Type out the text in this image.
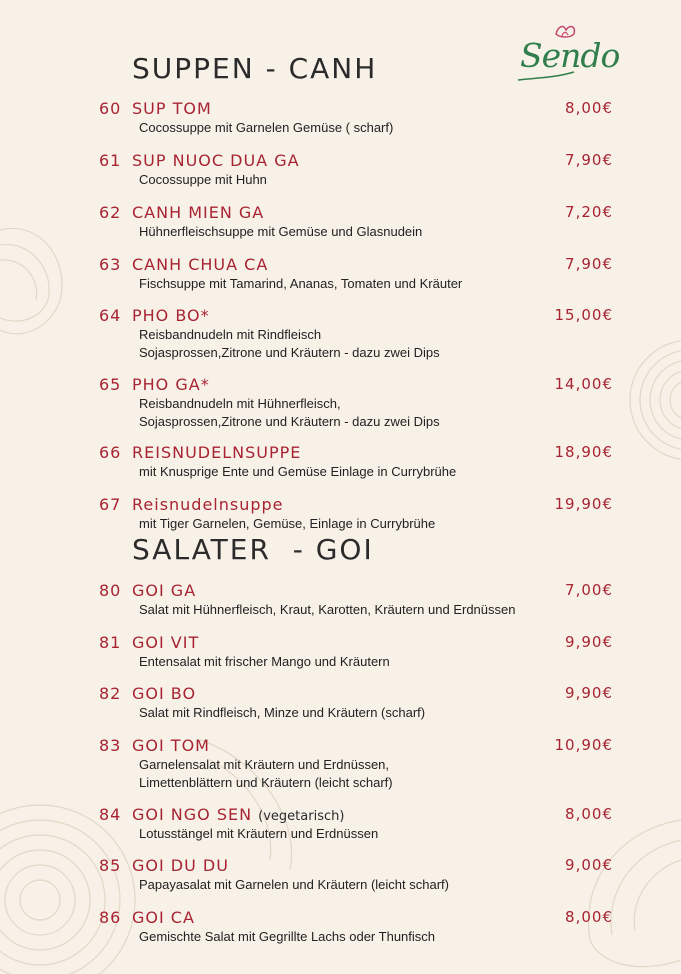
Sendo
SUPPEN - CANH
60 SUP TOM	8,00€
Cocossuppe mit Garnelen Gemüse ( scharf)
61 SUP NUOC DUA GA	7,90€
Cocossuppe mit Huhn
62 CANH MIEN GA	7,20€
Hühnerfleischsuppe mit Gemüse und Glasnudein
63 CANH CHUA CA	7,90€
Fischsuppe mit Tamarind, Ananas, Tomaten und Kräuter
64 PHO BO*	15,00€
Reisbandnudeln mit Rindfleisch
Sojasprossen,Zitrone und Kräutern - dazu zwei Dips
65 PHO GA*	14,00€
Reisbandnudeln mit Hühnerfleisch,
Sojasprossen,Zitrone und Kräutern - dazu zwei Dips
66 REISNUDELNSUPPE	18,90€
mit Knusprige Ente und Gemüse Einlage in Currybrühe
67 Reisnudelnsuppe	19,90€
mit Tiger Garnelen, Gemüse, Einlage in Currybrühe
SALATER  - GOI
80 GOI GA	7,00€
Salat mit Hühnerfleisch, Kraut, Karotten, Kräutern und Erdnüssen
81 GOI VIT	9,90€
Entensalat mit frischer Mango und Kräutern
82 GOI BO	9,90€
Salat mit Rindfleisch, Minze und Kräutern (scharf)
83 GOI TOM	10,90€
Garnelensalat mit Kräutern und Erdnüssen,
Limettenblättern und Kräutern (leicht scharf)
84 GOI NGO SEN (vegetarisch)	8,00€
Lotusstängel mit Kräutern und Erdnüssen
85 GOI DU DU	9,00€
Papayasalat mit Garnelen und Kräutern (leicht scharf)
86 GOI CA	8,00€
Gemischte Salat mit Gegrillte Lachs oder Thunfisch
